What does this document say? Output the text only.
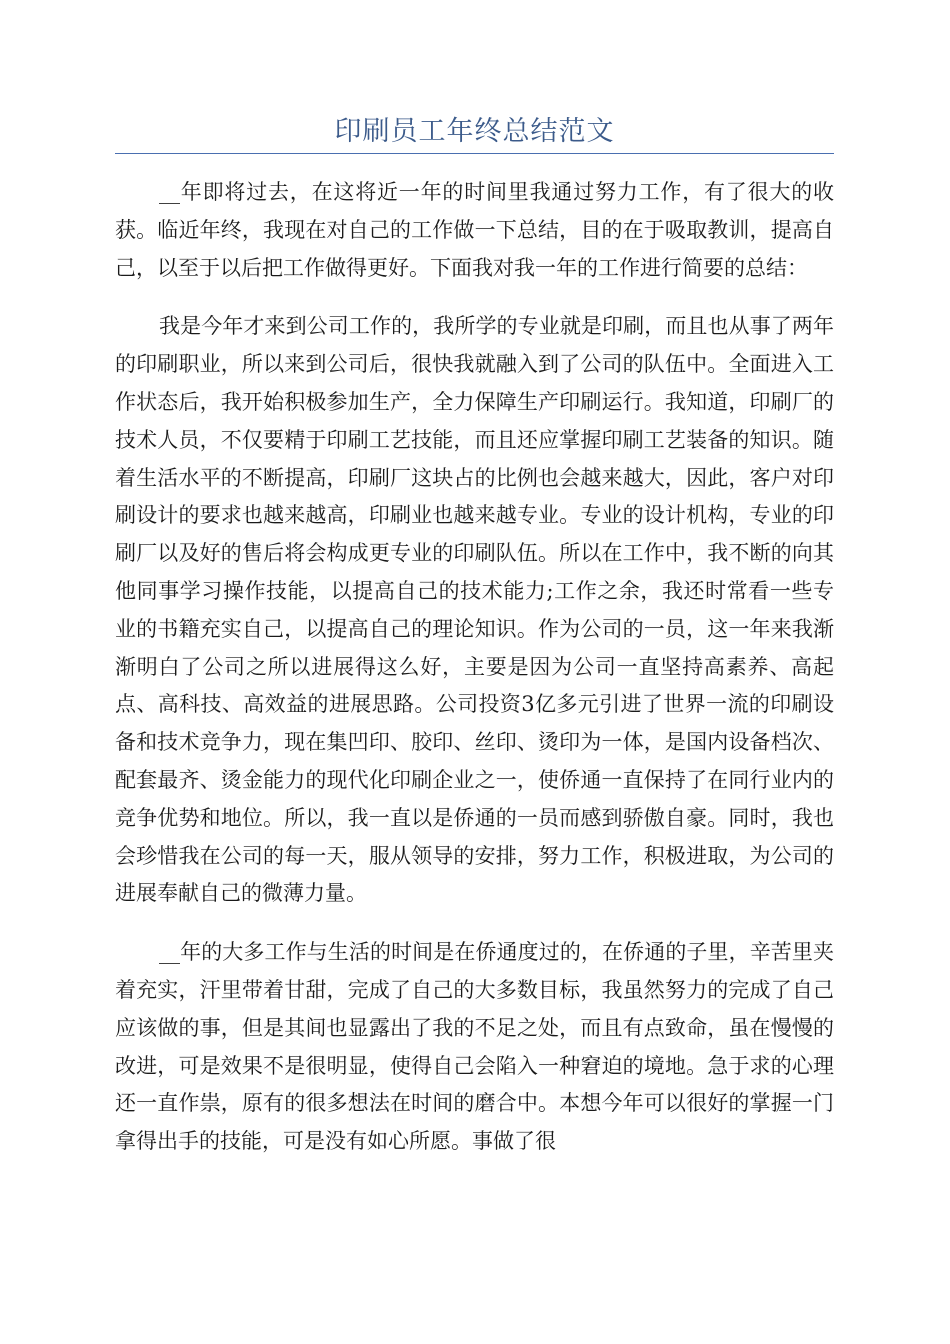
印刷员工年终总结范文

__年即将过去，在这将近一年的时间里我通过努力工作，有了很大的收获。临近年终，我现在对自己的工作做一下总结，目的在于吸取教训，提高自己，以至于以后把工作做得更好。下面我对我一年的工作进行简要的总结：

我是今年才来到公司工作的，我所学的专业就是印刷，而且也从事了两年的印刷职业，所以来到公司后，很快我就融入到了公司的队伍中。全面进入工作状态后，我开始积极参加生产，全力保障生产印刷运行。我知道，印刷厂的技术人员，不仅要精于印刷工艺技能，而且还应掌握印刷工艺装备的知识。随着生活水平的不断提高，印刷厂这块占的比例也会越来越大，因此，客户对印刷设计的要求也越来越高，印刷业也越来越专业。专业的设计机构，专业的印刷厂以及好的售后将会构成更专业的印刷队伍。所以在工作中，我不断的向其他同事学习操作技能，以提高自己的技术能力;工作之余，我还时常看一些专业的书籍充实自己，以提高自己的理论知识。作为公司的一员，这一年来我渐渐明白了公司之所以进展得这么好，主要是因为公司一直坚持高素养、高起点、高科技、高效益的进展思路。公司投资3亿多元引进了世界一流的印刷设备和技术竞争力，现在集凹印、胶印、丝印、烫印为一体，是国内设备档次、配套最齐、烫金能力的现代化印刷企业之一，使侨通一直保持了在同行业内的竞争优势和地位。所以，我一直以是侨通的一员而感到骄傲自豪。同时，我也会珍惜我在公司的每一天，服从领导的安排，努力工作，积极进取，为公司的进展奉献自己的微薄力量。

__年的大多工作与生活的时间是在侨通度过的，在侨通的子里，辛苦里夹着充实，汗里带着甘甜，完成了自己的大多数目标，我虽然努力的完成了自己应该做的事，但是其间也显露出了我的不足之处，而且有点致命，虽在慢慢的改进，可是效果不是很明显，使得自己会陷入一种窘迫的境地。急于求的心理还一直作祟，原有的很多想法在时间的磨合中。本想今年可以很好的掌握一门拿得出手的技能，可是没有如心所愿。事做了很
